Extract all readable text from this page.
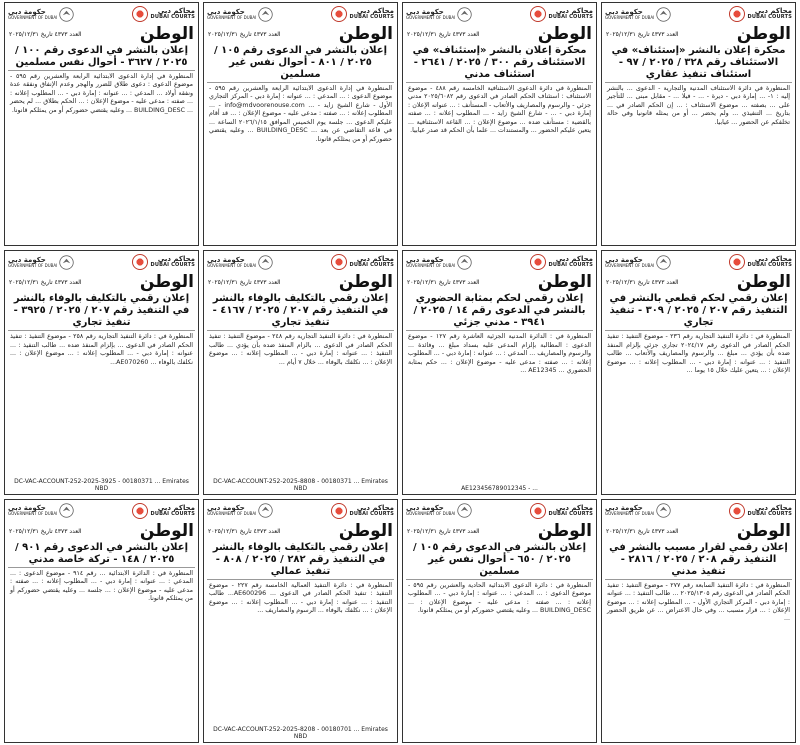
محاكم دبي
DUBAI COURTS
حكومة دبي
GOVERNMENT OF DUBAI
الوطن
العدد ٤٣٧٣ تاريخ ٢٠٢٥/١٢/٣١
محكرة إعلان بالنشر «إستئناف» في الاستئناف رقم ٣٢٨ / ٢٠٢٥ / ٩٧ - استئناف تنفيذ عقاري
المنظورة في دائرة الاستئناف المدنية والتجارية - الدعوى ... بالنشر إليه : ١- ... إمارة دبي - ديرة - ... - فيلا ... - مقابل مبنى ... للتأجير على ... بصفته ... موضوع الاستئناف : ... إن الحكم الصادر في ... بتاريخ ... التنفيذي ... ولم يحضر ... أو من يمثله قانونيا وفي حالة تخلفكم عن الحضور ... غيابيا.
محاكم دبي
DUBAI COURTS
حكومة دبي
GOVERNMENT OF DUBAI
الوطن
العدد ٤٣٧٣ تاريخ ٢٠٢٥/١٢/٣١
محكرة إعلان بالنشر «إستئناف» في الاستئناف رقم ٣٠٠ / ٢٠٢٥ / ٢٦٤١ - استئناف مدني
المنظورة في دائرة الدعوى الاستئنافية الخامسة رقم ٤٨٨ - موضوع الاستئناف : استئناف الحكم الصادر في الدعوى رقم ٢٠٢٥/٦٠٨٢ مدني جزئي - والرسوم والمصاريف والأتعاب - المستأنف : ... عنوانه الإعلان : إمارة دبي - ... - شارع الشيخ زايد - ... المطلوب إعلانه : ... صفته بالقضية : مستأنف ضده ... موضوع الإعلان : ... القاعة الاستئنافية ... يتعين عليكم الحضور ... والمستندات ... علما بأن الحكم قد صدر غيابيا.
محاكم دبي
DUBAI COURTS
حكومة دبي
GOVERNMENT OF DUBAI
الوطن
العدد ٤٣٧٣ تاريخ ٢٠٢٥/١٢/٣١
إعلان بالنشر في الدعوى رقم ١٠٥ / ٢٠٢٥ / ٨٠١ - أحوال نفس غير مسلمين
المنظورة في إدارة الدعوى الابتدائية الرابعة والعشرين رقم ٥٩٥ - موضوع الدعوى : ... المدعي : ... عنوانه : إمارة دبي - المركز التجاري الأول - شارع الشيخ زايد - ... info@mdvoorenouse.com - ... المطلوب إعلانه : ... صفته : مدعى عليه - موضوع الإعلان : ... قد أقام عليكم الدعوى ... جلسة يوم الخميس الموافق ٢٠٢٦/١/١٥ الساعة ... في قاعة التقاضي عن بعد ... BUILDING_DESC ... وعليه يقتضي حضوركم أو من يمثلكم قانونا.
محاكم دبي
DUBAI COURTS
حكومة دبي
GOVERNMENT OF DUBAI
الوطن
العدد ٤٣٧٣ تاريخ ٢٠٢٥/١٢/٣١
إعلان بالنشر في الدعوى رقم ١٠٠ / ٢٠٢٥ / ٣٦٢٧ - أحوال نفس مسلمين
المنظورة في إدارة الدعوى الابتدائية الرابعة والعشرين رقم ٥٩٥ - موضوع الدعوى : دعوى طلاق للضرر والهجر وعدم الإنفاق ونفقة عدة ونفقة أولاد ... المدعي : ... عنوانه : إمارة دبي - ... المطلوب إعلانه : ... صفته : مدعى عليه - موضوع الإعلان : ... الحكم بطلاق ... لم يحضر ... BUILDING_DESC ... وعليه يقتضي حضوركم أو من يمثلكم قانونا.
محاكم دبي
DUBAI COURTS
حكومة دبي
GOVERNMENT OF DUBAI
الوطن
العدد ٤٣٧٣ تاريخ ٢٠٢٥/١٢/٣١
إعلان رقمي لحكم قطعي بالنشر في التنفيذ رقم ٢٠٧ / ٢٠٢٥ / ٣٠٩ - تنفيذ تجاري
المنظورة في : دائرة التنفيذ التجارية رقم ٢٣٦ - موضوع التنفيذ : تنفيذ الحكم الصادر في الدعوى رقم ٢٠٢٤/١٧ تجاري جزئي بإلزام المنفذ ضده بأن يؤدي ... مبلغ ... والرسوم والمصاريف والأتعاب ... طالب التنفيذ : ... عنوانه : إمارة دبي - ... المطلوب إعلانه : ... موضوع الإعلان : ... يتعين عليك خلال ١٥ يوما ...
محاكم دبي
DUBAI COURTS
حكومة دبي
GOVERNMENT OF DUBAI
الوطن
العدد ٤٣٧٣ تاريخ ٢٠٢٥/١٢/٣١
إعلان رقمي لحكم بمثابة الحضوري بالنشر في الدعوى رقم ١٤ / ٢٠٢٥ / ٣٩٤١ - مدني جزئي
المنظورة في : الدائرة المدنية الجزئية العاشرة رقم ١٢٧ - موضوع الدعوى : المطالبة بإلزام المدعى عليه بسداد مبلغ ... وفائدة ... والرسوم والمصاريف ... المدعي : ... عنوانه : إمارة دبي - ... المطلوب إعلانه : ... صفته : مدعى عليه - موضوع الإعلان : ... حكم بمثابة الحضوري ... AE12345 ...
AE123456789012345 - ...
محاكم دبي
DUBAI COURTS
حكومة دبي
GOVERNMENT OF DUBAI
الوطن
العدد ٤٣٧٣ تاريخ ٢٠٢٥/١٢/٣١
إعلان رقمي بالتكليف بالوفاء بالنشر في التنفيذ رقم ٢٠٧ / ٢٠٢٥ / ٤١٦٧ - تنفيذ تجاري
المنظورة في : دائرة التنفيذ التجارية رقم ٢٤٨ - موضوع التنفيذ : تنفيذ الحكم الصادر في الدعوى ... بالزام المنفذ ضده بأن يؤدي ... طالب التنفيذ : ... عنوانه : إمارة دبي - ... المطلوب إعلانه : ... موضوع الإعلان : ... نكلفك بالوفاء ... خلال ٧ أيام ...
DC-VAC-ACCOUNT-252-2025-8808 - 00180371 ... Emirates NBD
محاكم دبي
DUBAI COURTS
حكومة دبي
GOVERNMENT OF DUBAI
الوطن
العدد ٤٣٧٣ تاريخ ٢٠٢٥/١٢/٣١
إعلان رقمي بالتكليف بالوفاء بالنشر في التنفيذ رقم ٢٠٧ / ٢٠٢٥ / ٣٩٢٥ - تنفيذ تجاري
المنظورة في : دائرة التنفيذ التجارية رقم ٢٥٨ - موضوع التنفيذ : تنفيذ الحكم الصادر في الدعوى ... بإلزام المنفذ ضده ... طالب التنفيذ : ... عنوانه : إمارة دبي - ... المطلوب إعلانه : ... موضوع الإعلان : ... نكلفك بالوفاء ... AE070260...
DC-VAC-ACCOUNT-252-2025-3925 - 00180371 ... Emirates NBD
محاكم دبي
DUBAI COURTS
حكومة دبي
GOVERNMENT OF DUBAI
الوطن
العدد ٤٣٧٣ تاريخ ٢٠٢٥/١٢/٣١
إعلان رقمي لقرار مسبب بالنشر في التنفيذ رقم ٢٠٨ / ٢٠٢٥ / ٢٨١٦ - تنفيذ مدني
المنظورة في : دائرة التنفيذ السابعة رقم ٢٧٧ - موضوع التنفيذ : تنفيذ الحكم الصادر في الدعوى رقم ٢٠٢٥/١٣٠٥ ... طالب التنفيذ : ... عنوانه : إمارة دبي - المركز التجاري الأول - ... المطلوب إعلانه : ... موضوع الإعلان : ... قرار مسبب ... وفي حال الاعتراض ... عن طريق الحضور ...
محاكم دبي
DUBAI COURTS
حكومة دبي
GOVERNMENT OF DUBAI
الوطن
العدد ٤٣٧٣ تاريخ ٢٠٢٥/١٢/٣١
إعلان بالنشر في الدعوى رقم ١٠٥ / ٢٠٢٥ / ٦٥٠ - أحوال نفس غير مسلمين
المنظورة في : دائرة الدعوى الابتدائية الحادية والعشرين رقم ٥٩٥ - موضوع الدعوى : ... المدعي : ... عنوانه : إمارة دبي - ... المطلوب إعلانه : ... صفته : مدعى عليه - موضوع الإعلان : ... BUILDING_DESC ... وعليه يقتضي حضوركم أو من يمثلكم قانونا.
محاكم دبي
DUBAI COURTS
حكومة دبي
GOVERNMENT OF DUBAI
الوطن
العدد ٤٣٧٣ تاريخ ٢٠٢٥/١٢/٣١
إعلان رقمي بالتكليف بالوفاء بالنشر في التنفيذ رقم ٢٨٢ / ٢٠٢٥ / ٨٠٨ - تنفيذ عمالي
المنظورة في : دائرة التنفيذ العمالية الخامسة رقم ٢٢٧ - موضوع التنفيذ : تنفيذ الحكم الصادر في الدعوى ... AE600296... طالب التنفيذ : ... عنوانه : إمارة دبي - ... المطلوب إعلانه : ... موضوع الإعلان : ... نكلفك بالوفاء ... الرسوم والمصاريف ...
DC-VAC-ACCOUNT-252-2025-8208 - 00180701 ... Emirates NBD
محاكم دبي
DUBAI COURTS
حكومة دبي
GOVERNMENT OF DUBAI
الوطن
العدد ٤٣٧٣ تاريخ ٢٠٢٥/١٢/٣١
إعلان بالنشر في الدعوى رقم ٩٠١ / ٢٠٢٥ / ١٤٨ - تركة خاصة مدني
المنظورة في : الدائرة الابتدائية ... رقم ٩١٤ - موضوع الدعوى : ... المدعي : ... عنوانه : إمارة دبي - ... المطلوب إعلانه : ... صفته : مدعى عليه - موضوع الإعلان : ... جلسة ... وعليه يقتضي حضوركم أو من يمثلكم قانونا.
